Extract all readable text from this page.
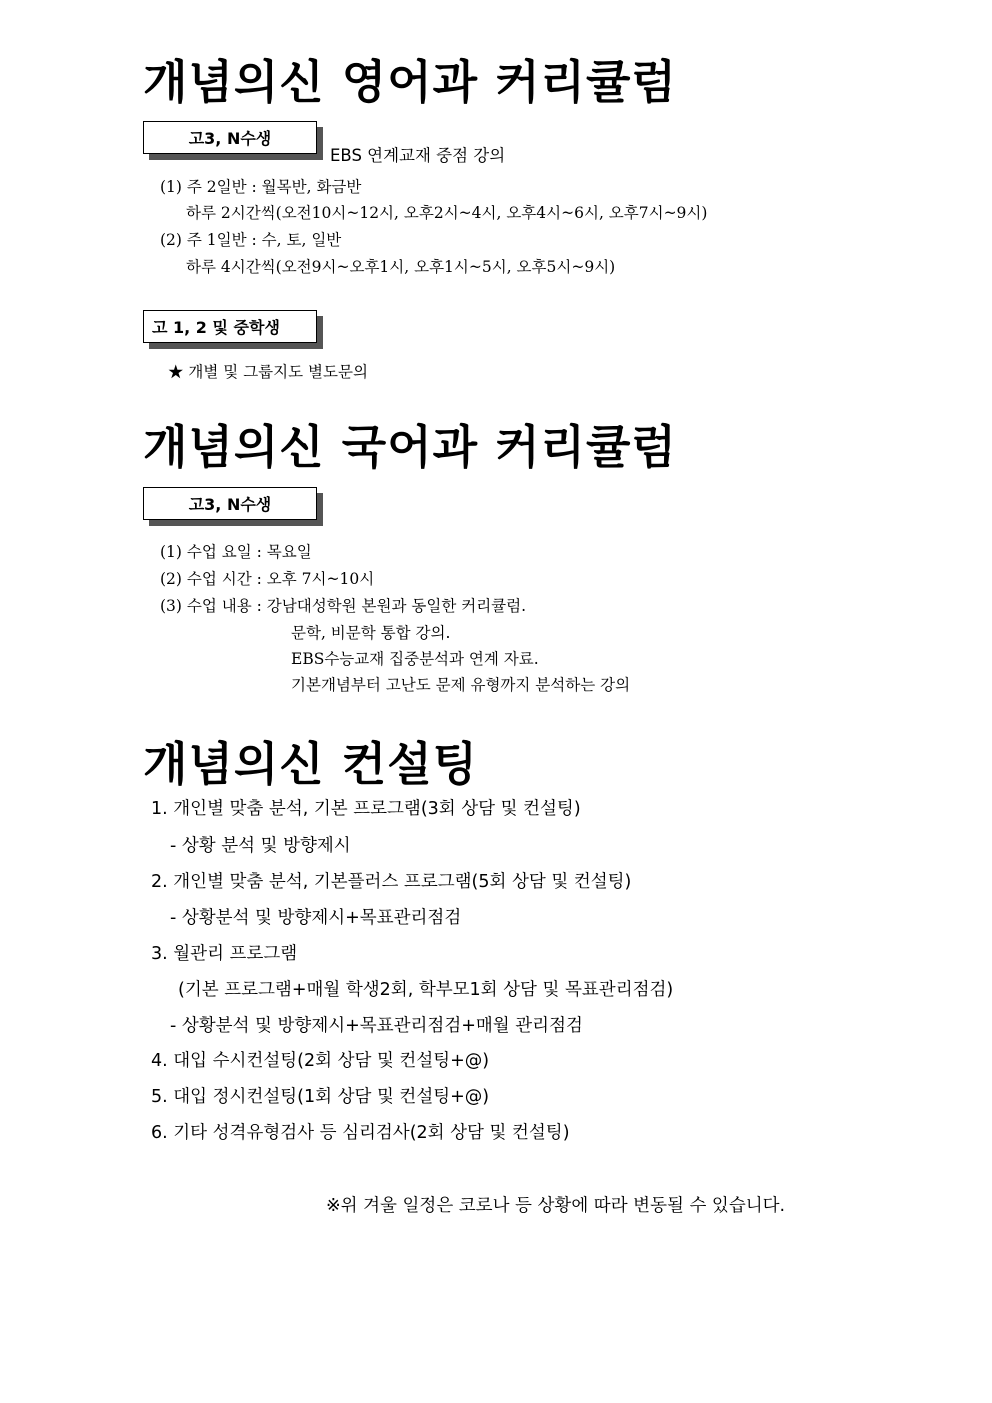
개념의신 영어과 커리큘럼
고3, N수생
EBS 연계교재 중점 강의
(1) 주 2일반 : 월목반, 화금반
하루 2시간씩(오전10시~12시, 오후2시~4시, 오후4시~6시, 오후7시~9시)
(2) 주 1일반 : 수, 토, 일반
하루 4시간씩(오전9시~오후1시, 오후1시~5시, 오후5시~9시)
고 1, 2 및 중학생
★ 개별 및 그룹지도 별도문의
개념의신 국어과 커리큘럼
고3, N수생
(1) 수업 요일 : 목요일
(2) 수업 시간 : 오후 7시~10시
(3) 수업 내용 : 강남대성학원 본원과 동일한 커리큘럼.
문학, 비문학 통합 강의.
EBS수능교재 집중분석과 연계 자료.
기본개념부터 고난도 문제 유형까지 분석하는 강의
개념의신 컨설팅
1. 개인별 맞춤 분석, 기본 프로그램(3회 상담 및 컨설팅)
- 상황 분석 및 방향제시
2. 개인별 맞춤 분석, 기본플러스 프로그램(5회 상담 및 컨설팅)
- 상황분석 및 방향제시+목표관리점검
3. 월관리 프로그램
(기본 프로그램+매월 학생2회, 학부모1회 상담 및 목표관리점검)
- 상황분석 및 방향제시+목표관리점검+매월 관리점검
4. 대입 수시컨설팅(2회 상담 및 컨설팅+@)
5. 대입 정시컨설팅(1회 상담 및 컨설팅+@)
6. 기타 성격유형검사 등 심리검사(2회 상담 및 컨설팅)
※위 겨울 일정은 코로나 등 상황에 따라 변동될 수 있습니다.
